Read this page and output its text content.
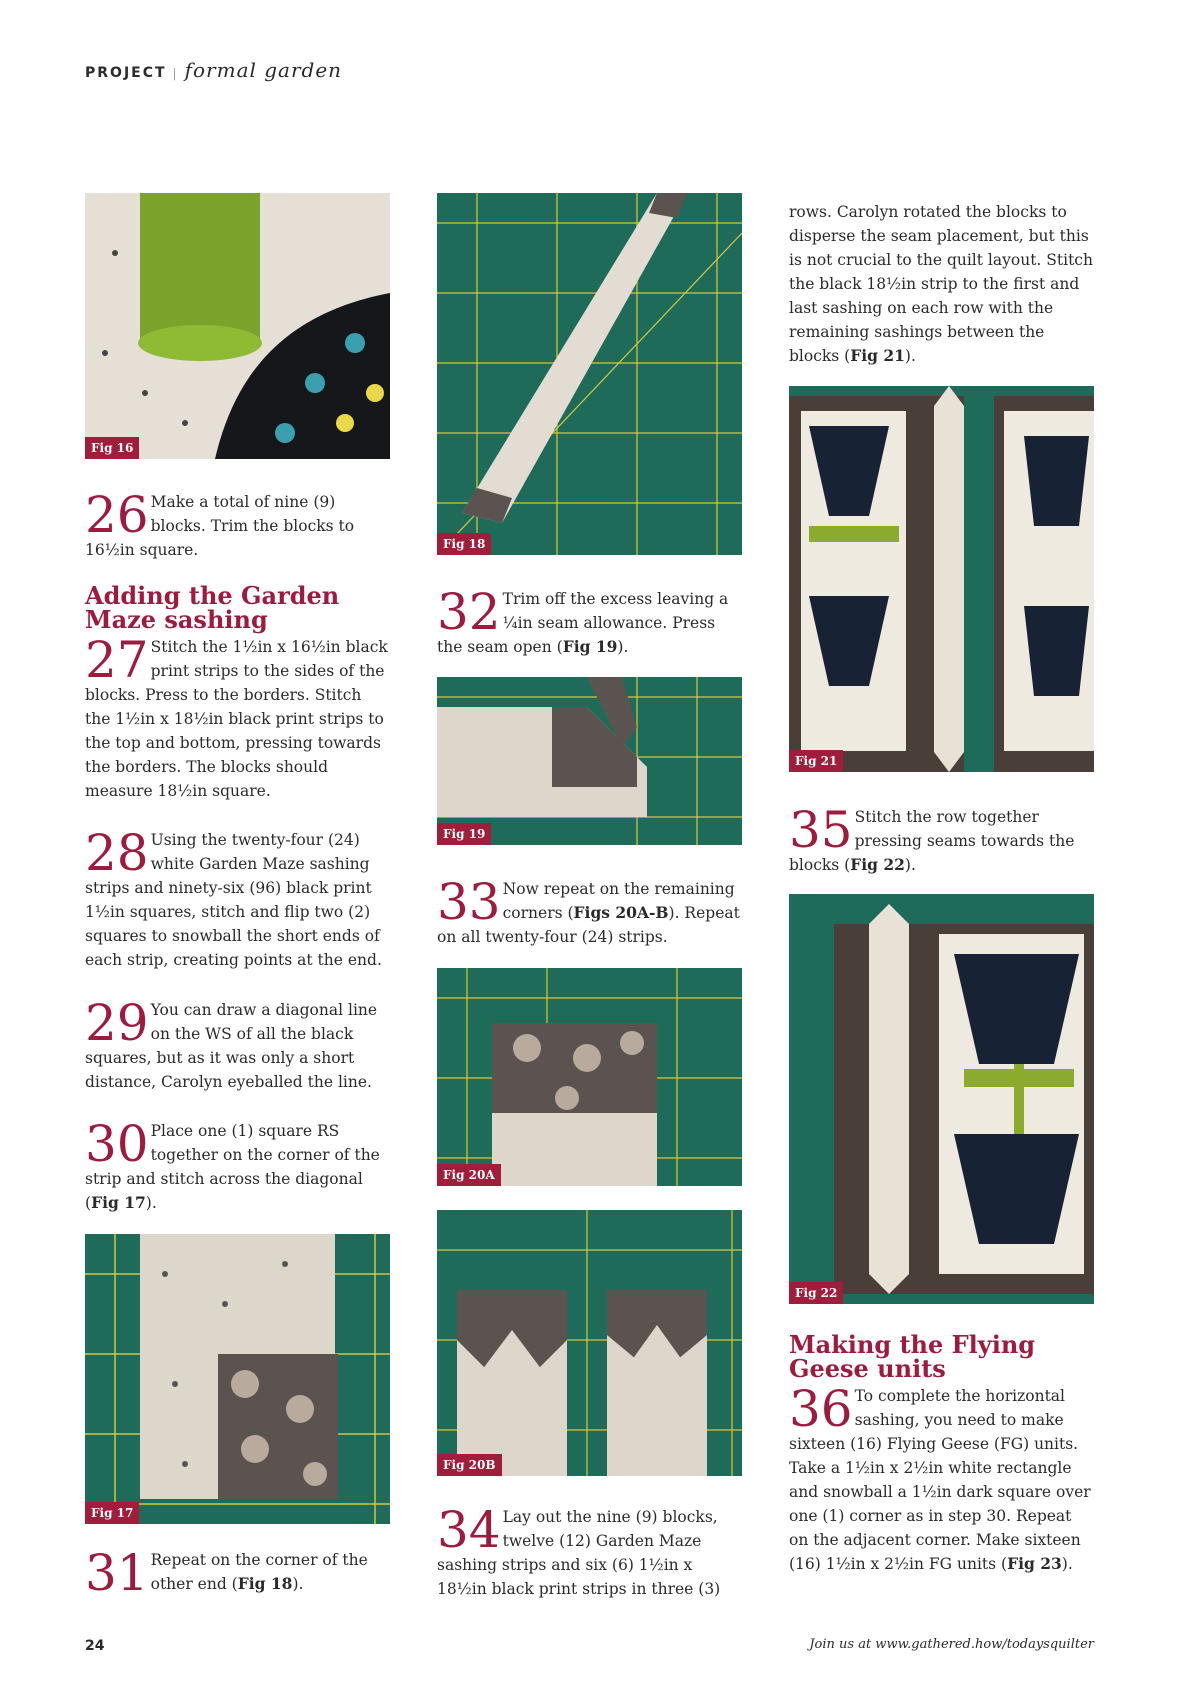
PROJECT | formal garden
Fig 16
26 Make a total of nine (9) blocks. Trim the blocks to 16½in square.
Adding the Garden Maze sashing
27 Stitch the 1½in x 16½in black print strips to the sides of the blocks. Press to the borders. Stitch the 1½in x 18½in black print strips to the top and bottom, pressing towards the borders. The blocks should measure 18½in square.
28 Using the twenty-four (24) white Garden Maze sashing strips and ninety-six (96) black print 1½in squares, stitch and flip two (2) squares to snowball the short ends of each strip, creating points at the end.
29 You can draw a diagonal line on the WS of all the black squares, but as it was only a short distance, Carolyn eyeballed the line.
30 Place one (1) square RS together on the corner of the strip and stitch across the diagonal (Fig 17).
Fig 17
31 Repeat on the corner of the other end (Fig 18).
Fig 18
32 Trim off the excess leaving a ¼in seam allowance. Press the seam open (Fig 19).
Fig 19
33 Now repeat on the remaining corners (Figs 20A-B). Repeat on all twenty-four (24) strips.
Fig 20A
Fig 20B
34 Lay out the nine (9) blocks, twelve (12) Garden Maze sashing strips and six (6) 1½in x 18½in black print strips in three (3)
rows. Carolyn rotated the blocks to disperse the seam placement, but this is not crucial to the quilt layout. Stitch the black 18½in strip to the first and last sashing on each row with the remaining sashings between the blocks (Fig 21).
Fig 21
35 Stitch the row together pressing seams towards the blocks (Fig 22).
Fig 22
Making the Flying Geese units
36 To complete the horizontal sashing, you need to make sixteen (16) Flying Geese (FG) units. Take a 1½in x 2½in white rectangle and snowball a 1½in dark square over one (1) corner as in step 30. Repeat on the adjacent corner. Make sixteen (16) 1½in x 2½in FG units (Fig 23).
24	Join us at www.gathered.how/todaysquilter
